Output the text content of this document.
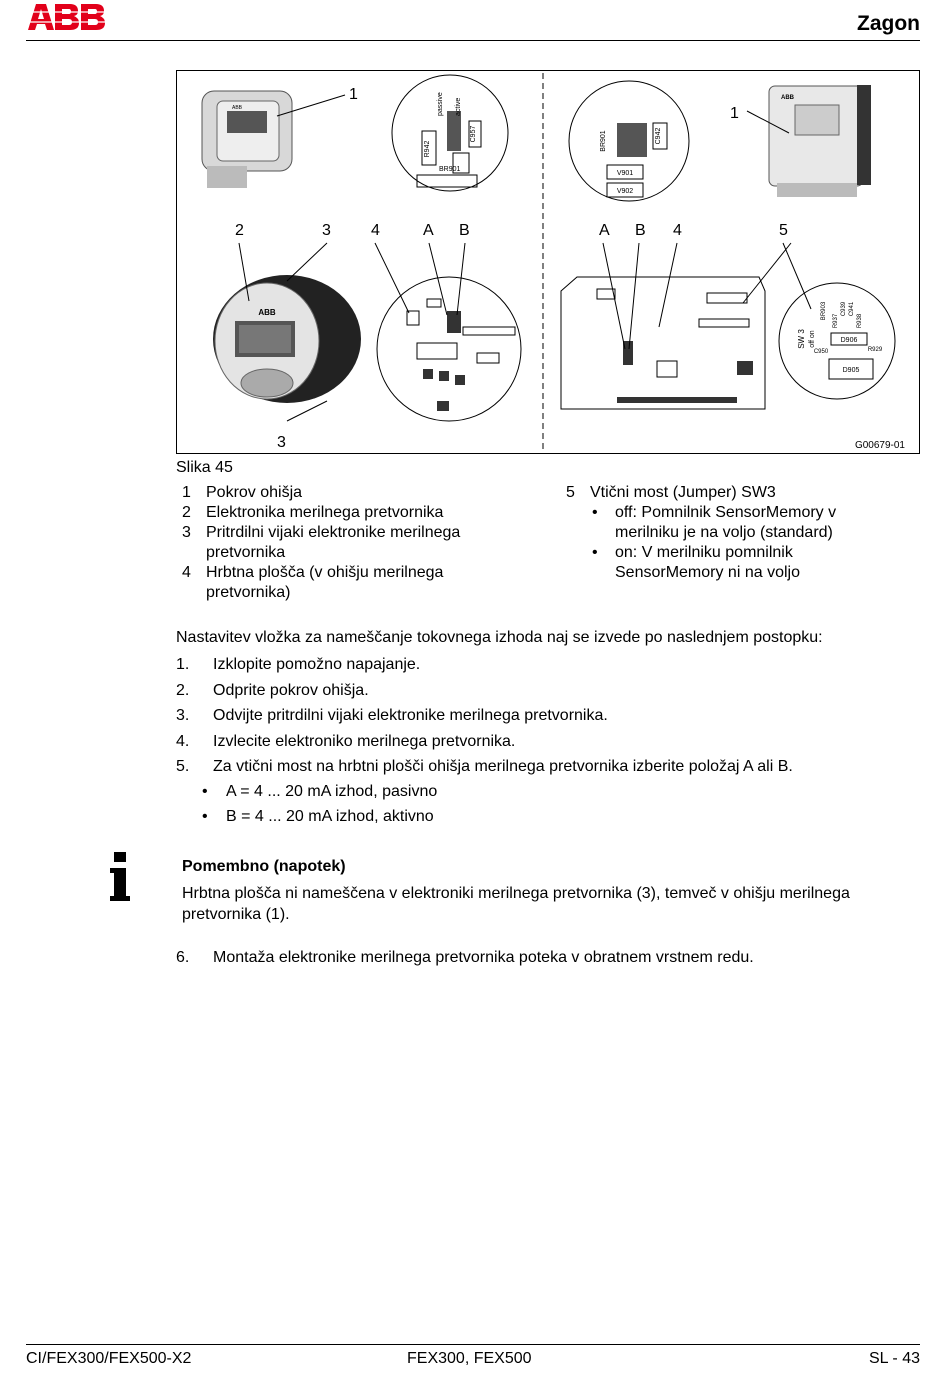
ABB
Zagon
ABB
1
R942
passive active
C957
BR901
2	3	4	A B
ABB
3
BR901	C942
V901
V902
ABB
1
A B 4	5
SW 3 off on
BR903
R937
C939 C941
R938
D906
C950	R929
D905
G00679-01
Slika 45
1 Pokrov ohišja
2 Elektronika merilnega pretvornika
3 Pritrdilni vijaki elektronike merilnega
pretvornika
4 Hrbtna plošča (v ohišju merilnega
pretvornika)
5 Vtični most (Jumper) SW3
•	off: Pomnilnik SensorMemory v
merilniku je na voljo (standard)
•	on: V merilniku pomnilnik
SensorMemory ni na voljo
Nastavitev vložka za nameščanje tokovnega izhoda naj se izvede po naslednjem postopku:
1.	Izklopite pomožno napajanje.
2.	Odprite pokrov ohišja.
3.	Odvijte pritrdilni vijaki elektronike merilnega pretvornika.
4.	Izvlecite elektroniko merilnega pretvornika.
5.	Za vtični most na hrbtni plošči ohišja merilnega pretvornika izberite položaj A ali B.
•	A = 4 ... 20 mA izhod, pasivno
•	B = 4 ... 20 mA izhod, aktivno
i
Pomembno (napotek)
Hrbtna plošča ni nameščena v elektroniki merilnega pretvornika (3), temveč v ohišju merilnega
pretvornika (1).
6.	Montaža elektronike merilnega pretvornika poteka v obratnem vrstnem redu.
CI/FEX300/FEX500-X2	FEX300, FEX500	SL - 43
